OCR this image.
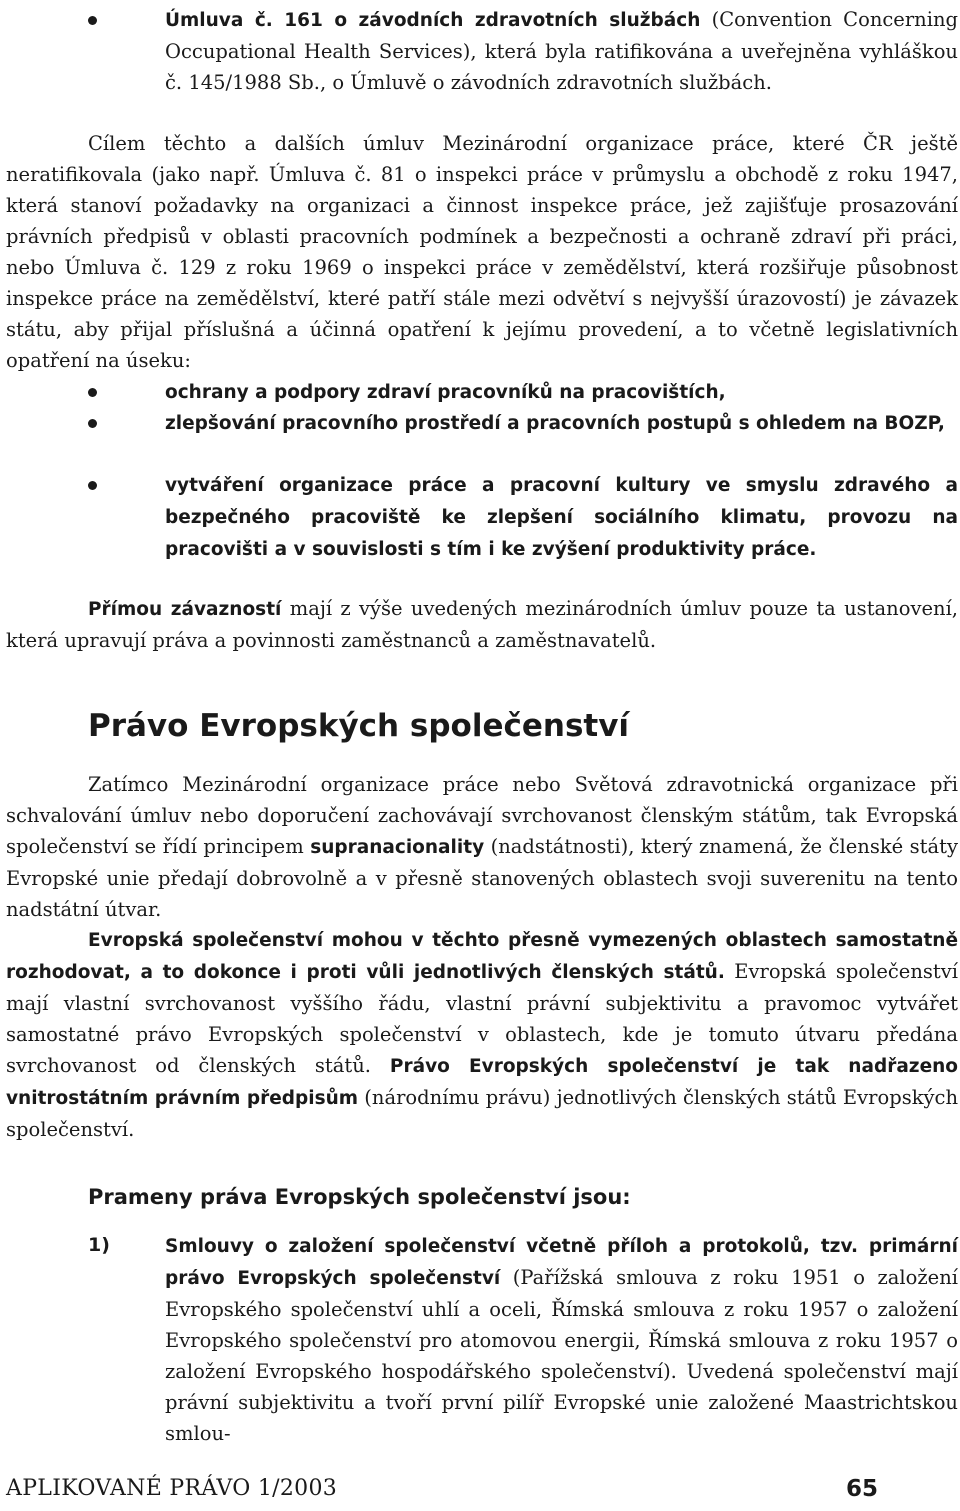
Úmluva č. 161 o závodních zdravotních službách (Convention Concerning Occupational Health Services), která byla ratifikována a uveřejněna vyhláškou č. 145/1988 Sb., o Úmluvě o závodních zdravotních službách.

Cílem těchto a dalších úmluv Mezinárodní organizace práce, které ČR ještě neratifikovala (jako např. Úmluva č. 81 o inspekci práce v průmyslu a obchodě z roku 1947, která stanoví požadavky na organizaci a činnost inspekce práce, jež zajišťuje prosazování právních předpisů v oblasti pracovních podmínek a bezpečnosti a ochraně zdraví při práci, nebo Úmluva č. 129 z roku 1969 o inspekci práce v zemědělství, která rozšiřuje působnost inspekce práce na zemědělství, které patří stále mezi odvětví s nejvyšší úrazovostí) je závazek státu, aby přijal příslušná a účinná opatření k jejímu provedení, a to včetně legislativních opatření na úseku:

ochrany a podpory zdraví pracovníků na pracovištích,

zlepšování pracovního prostředí a pracovních postupů s ohledem na BOZP,

vytváření organizace práce a pracovní kultury ve smyslu zdravého a bezpečného pracoviště ke zlepšení sociálního klimatu, provozu na pracovišti a v souvislosti s tím i ke zvýšení produktivity práce.

Přímou závazností mají z výše uvedených mezinárodních úmluv pouze ta ustanovení, která upravují práva a povinnosti zaměstnanců a zaměstnavatelů.

Právo Evropských společenství

Zatímco Mezinárodní organizace práce nebo Světová zdravotnická organizace při schvalování úmluv nebo doporučení zachovávají svrchovanost členským státům, tak Evropská společenství se řídí principem supranacionality (nadstátnosti), který znamená, že členské státy Evropské unie předají dobrovolně a v přesně stanovených oblastech svoji suverenitu na tento nadstátní útvar.

Evropská společenství mohou v těchto přesně vymezených oblastech samostatně rozhodovat, a to dokonce i proti vůli jednotlivých členských států. Evropská společenství mají vlastní svrchovanost vyššího řádu, vlastní právní subjektivitu a pravomoc vytvářet samostatné právo Evropských společenství v oblastech, kde je tomuto útvaru předána svrchovanost od členských států. Právo Evropských společenství je tak nadřazeno vnitrostátním právním předpisům (národnímu právu) jednotlivých členských států Evropských společenství.

Prameny práva Evropských společenství jsou:
1)	Smlouvy o založení společenství včetně příloh a protokolů, tzv. primární právo Evropských společenství (Pařížská smlouva z roku 1951 o založení Evropského společenství uhlí a oceli, Římská smlouva z roku 1957 o založení Evropského společenství pro atomovou energii, Římská smlouva z roku 1957 o založení Evropského hospodářského společenství). Uvedená společenství mají právní subjektivitu a tvoří první pilíř Evropské unie založené Maastrichtskou smlou-

APLIKOVANÉ PRÁVO 1/2003	65
